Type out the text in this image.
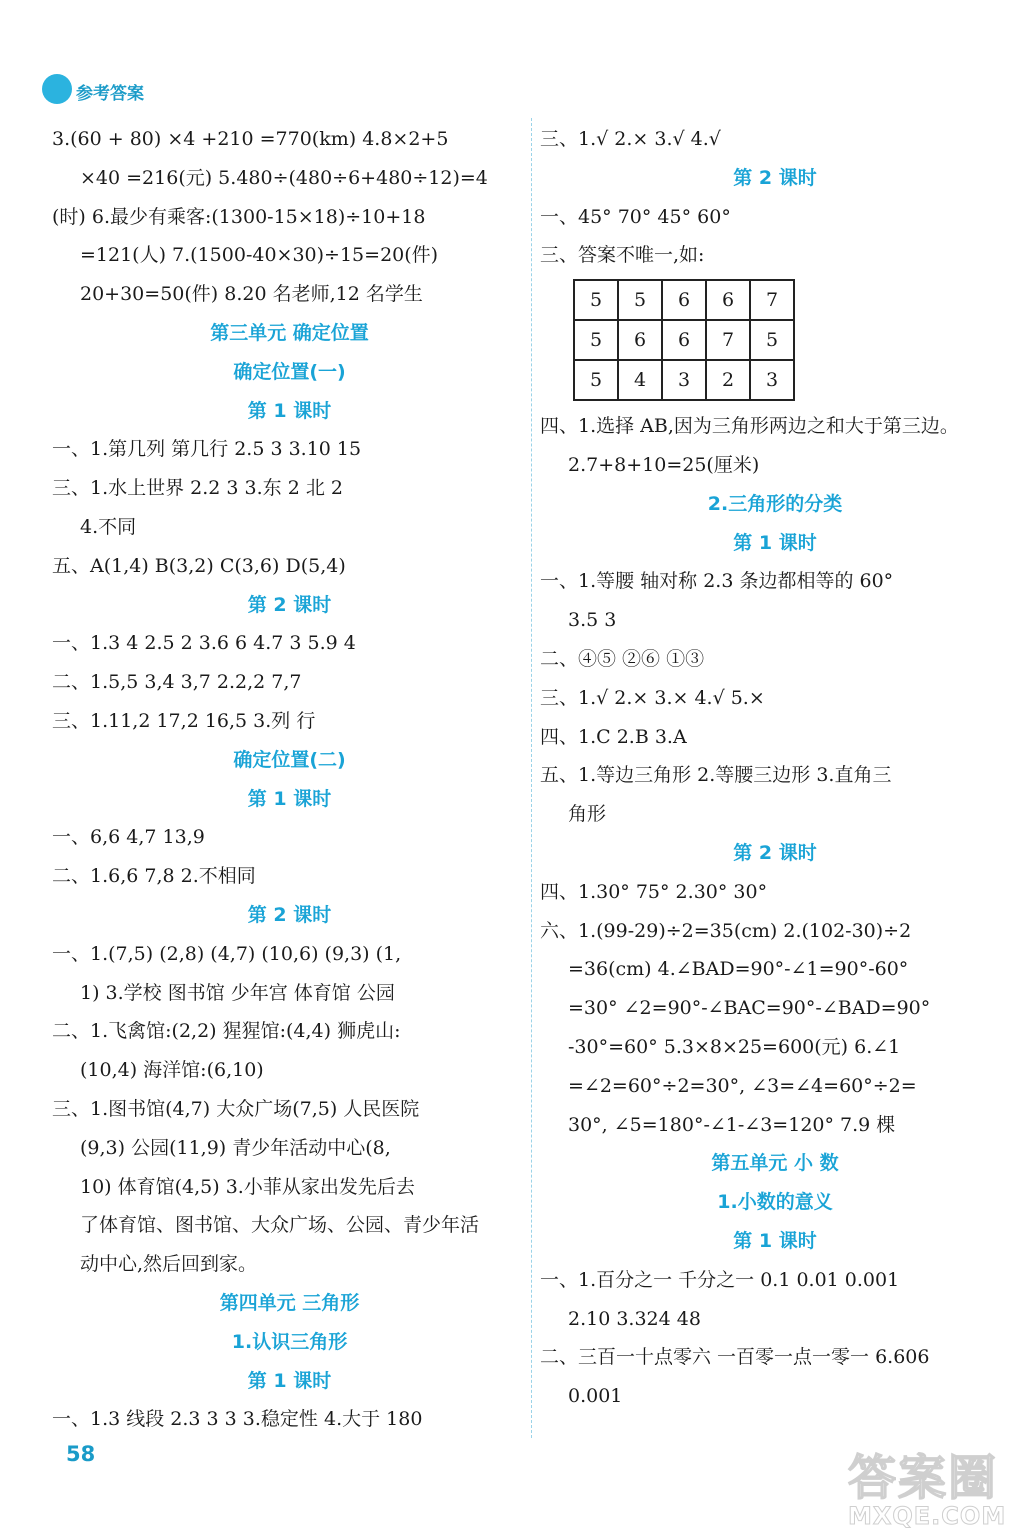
参考答案
3.(60 + 80) ×4 +210 =770(km) 4.8×2+5
×40 =216(元) 5.480÷(480÷6+480÷12)=4
(时) 6.最少有乘客:(1300-15×18)÷10+18
=121(人) 7.(1500-40×30)÷15=20(件)
20+30=50(件) 8.20 名老师,12 名学生
第三单元 确定位置
确定位置(一)
第 1 课时
一、1.第几列 第几行 2.5 3 3.10 15
三、1.水上世界 2.2 3 3.东 2 北 2
4.不同
五、A(1,4) B(3,2) C(3,6) D(5,4)
第 2 课时
一、1.3 4 2.5 2 3.6 6 4.7 3 5.9 4
二、1.5,5 3,4 3,7 2.2,2 7,7
三、1.11,2 17,2 16,5 3.列 行
确定位置(二)
第 1 课时
一、6,6 4,7 13,9
二、1.6,6 7,8 2.不相同
第 2 课时
一、1.(7,5) (2,8) (4,7) (10,6) (9,3) (1,
1) 3.学校 图书馆 少年宫 体育馆 公园
二、1.飞禽馆:(2,2) 猩猩馆:(4,4) 狮虎山:
(10,4) 海洋馆:(6,10)
三、1.图书馆(4,7) 大众广场(7,5) 人民医院
(9,3) 公园(11,9) 青少年活动中心(8,
10) 体育馆(4,5) 3.小菲从家出发先后去
了体育馆、图书馆、大众广场、公园、青少年活
动中心,然后回到家。
第四单元 三角形
1.认识三角形
第 1 课时
一、1.3 线段 2.3 3 3 3.稳定性 4.大于 180
三、1.√ 2.× 3.√ 4.√
第 2 课时
一、45° 70° 45° 60°
三、答案不唯一,如:
5	5	6	6	7
5	6	6	7	5
5	4	3	2	3
四、1.选择 AB,因为三角形两边之和大于第三边。
2.7+8+10=25(厘米)
2.三角形的分类
第 1 课时
一、1.等腰 轴对称 2.3 条边都相等的 60°
3.5 3
二、④⑤ ②⑥ ①③
三、1.√ 2.× 3.× 4.√ 5.×
四、1.C 2.B 3.A
五、1.等边三角形 2.等腰三边形 3.直角三
角形
第 2 课时
四、1.30° 75° 2.30° 30°
六、1.(99-29)÷2=35(cm) 2.(102-30)÷2
=36(cm) 4.∠BAD=90°-∠1=90°-60°
=30° ∠2=90°-∠BAC=90°-∠BAD=90°
-30°=60° 5.3×8×25=600(元) 6.∠1
=∠2=60°÷2=30°, ∠3=∠4=60°÷2=
30°, ∠5=180°-∠1-∠3=120° 7.9 棵
第五单元 小 数
1.小数的意义
第 1 课时
一、1.百分之一 千分之一 0.1 0.01 0.001
2.10 3.324 48
二、三百一十点零六 一百零一点一零一 6.606
0.001
58	答案圈
MXQE.COM
